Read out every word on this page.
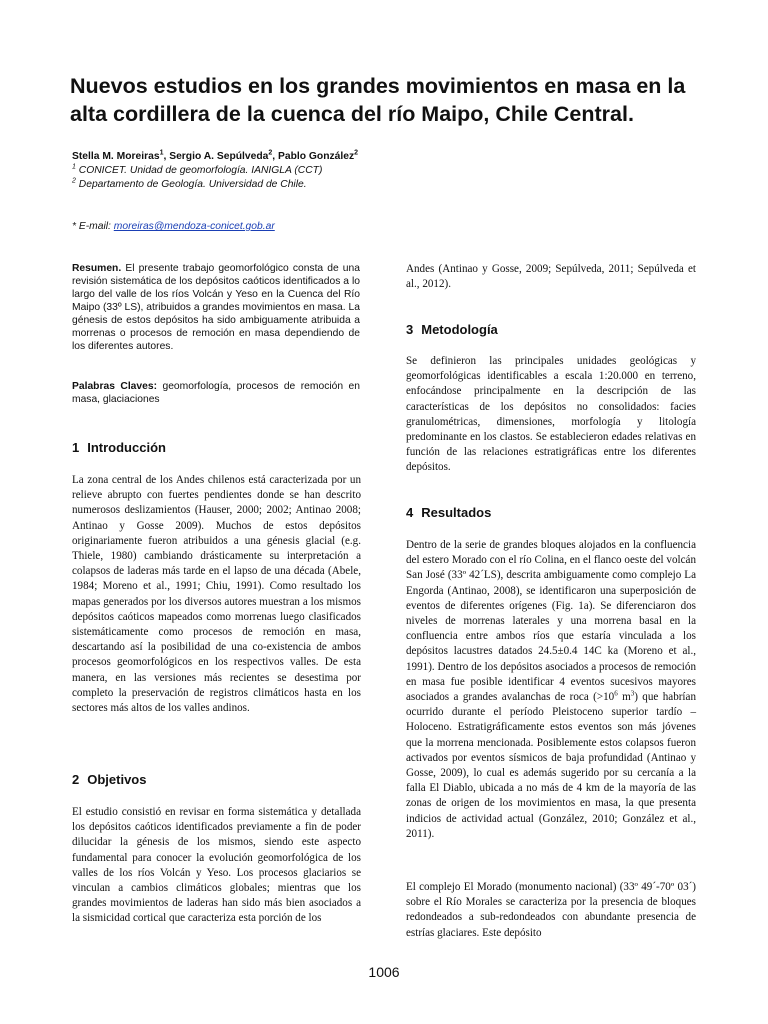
Nuevos estudios en los grandes movimientos en masa en la alta cordillera de la cuenca del río Maipo, Chile Central.
Stella M. Moreiras$^1$, Sergio A. Sepúlveda$^2$, Pablo González$^2$
$^1$ CONICET. Unidad de geomorfología. IANIGLA (CCT)
$^2$ Departamento de Geología. Universidad de Chile.
* E-mail: moreiras@mendoza-conicet.gob.ar

Resumen. El presente trabajo geomorfológico consta de una revisión sistemática de los depósitos caóticos identificados a lo largo del valle de los ríos Volcán y Yeso en la Cuenca del Río Maipo (33º LS), atribuidos a grandes movimientos en masa. La génesis de estos depósitos ha sido ambiguamente atribuida a morrenas o procesos de remoción en masa dependiendo de los diferentes autores.

Palabras Claves: geomorfología, procesos de remoción en masa, glaciaciones

1 Introducción

La zona central de los Andes chilenos está caracterizada por un relieve abrupto con fuertes pendientes donde se han descrito numerosos deslizamientos (Hauser, 2000; 2002; Antinao 2008; Antinao y Gosse 2009). Muchos de estos depósitos originariamente fueron atribuidos a una génesis glacial (e.g. Thiele, 1980) cambiando drásticamente su interpretación a colapsos de laderas más tarde en el lapso de una década (Abele, 1984; Moreno et al., 1991; Chiu, 1991). Como resultado los mapas generados por los diversos autores muestran a los mismos depósitos caóticos mapeados como morrenas luego clasificados sistemáticamente como procesos de remoción en masa, descartando así la posibilidad de una co-existencia de ambos procesos geomorfológicos en los respectivos valles. De esta manera, en las versiones más recientes se desestima por completo la preservación de registros climáticos hasta en los sectores más altos de los valles andinos.

2 Objetivos

El estudio consistió en revisar en forma sistemática y detallada los depósitos caóticos identificados previamente a fin de poder dilucidar la génesis de los mismos, siendo este aspecto fundamental para conocer la evolución geomorfológica de los valles de los ríos Volcán y Yeso. Los procesos glaciarios se vinculan a cambios climáticos globales; mientras que los grandes movimientos de laderas han sido más bien asociados a la sismicidad cortical que caracteriza esta porción de los

Andes (Antinao y Gosse, 2009; Sepúlveda, 2011; Sepúlveda et al., 2012).

3 Metodología

Se definieron las principales unidades geológicas y geomorfológicas identificables a escala 1:20.000 en terreno, enfocándose principalmente en la descripción de las características de los depósitos no consolidados: facies granulométricas, dimensiones, morfología y litología predominante en los clastos. Se establecieron edades relativas en función de las relaciones estratigráficas entre los diferentes depósitos.

4 Resultados

Dentro de la serie de grandes bloques alojados en la confluencia del estero Morado con el río Colina, en el flanco oeste del volcán San José (33º 42´LS), descrita ambiguamente como complejo La Engorda (Antinao, 2008), se identificaron una superposición de eventos de diferentes orígenes (Fig. 1a). Se diferenciaron dos niveles de morrenas laterales y una morrena basal en la confluencia entre ambos ríos que estaría vinculada a los depósitos lacustres datados 24.5±0.4 14C ka (Moreno et al., 1991). Dentro de los depósitos asociados a procesos de remoción en masa fue posible identificar 4 eventos sucesivos mayores asociados a grandes avalanchas de roca ($>10^6$ $m^3$) que habrían ocurrido durante el período Pleistoceno superior tardío – Holoceno. Estratigráficamente estos eventos son más jóvenes que la morrena mencionada. Posiblemente estos colapsos fueron activados por eventos sísmicos de baja profundidad (Antinao y Gosse, 2009), lo cual es además sugerido por su cercanía a la falla El Diablo, ubicada a no más de 4 km de la mayoría de las zonas de origen de los movimientos en masa, la que presenta indicios de actividad actual (González, 2010; González et al., 2011).

El complejo El Morado (monumento nacional) (33º 49´-70º 03´) sobre el Río Morales se caracteriza por la presencia de bloques redondeados a sub-redondeados con abundante presencia de estrías glaciares. Este depósito

1006
